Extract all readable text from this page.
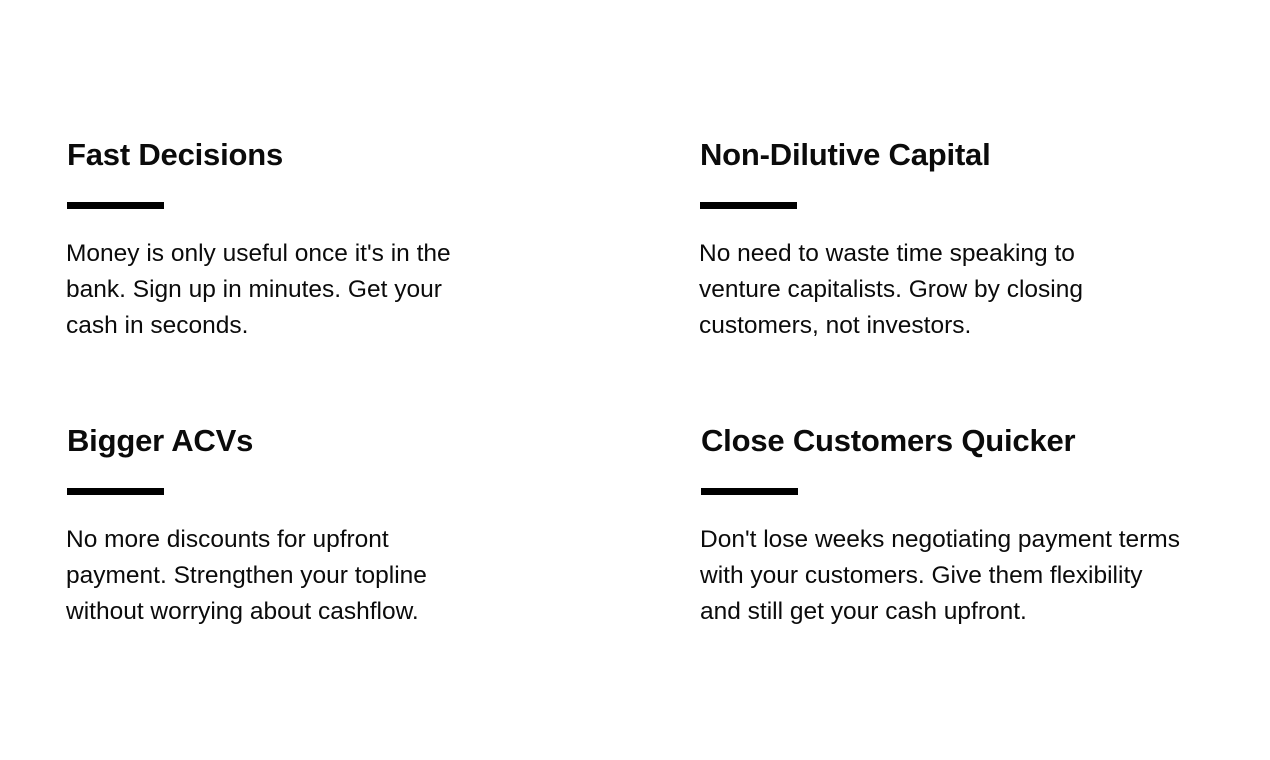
Fast Decisions

Money is only useful once it's in the bank. Sign up in minutes. Get your cash in seconds.

Non-Dilutive Capital

No need to waste time speaking to venture capitalists. Grow by closing customers, not investors.

Bigger ACVs

No more discounts for upfront payment. Strengthen your topline without worrying about cashflow.

Close Customers Quicker

Don't lose weeks negotiating payment terms with your customers. Give them flexibility and still get your cash upfront.
